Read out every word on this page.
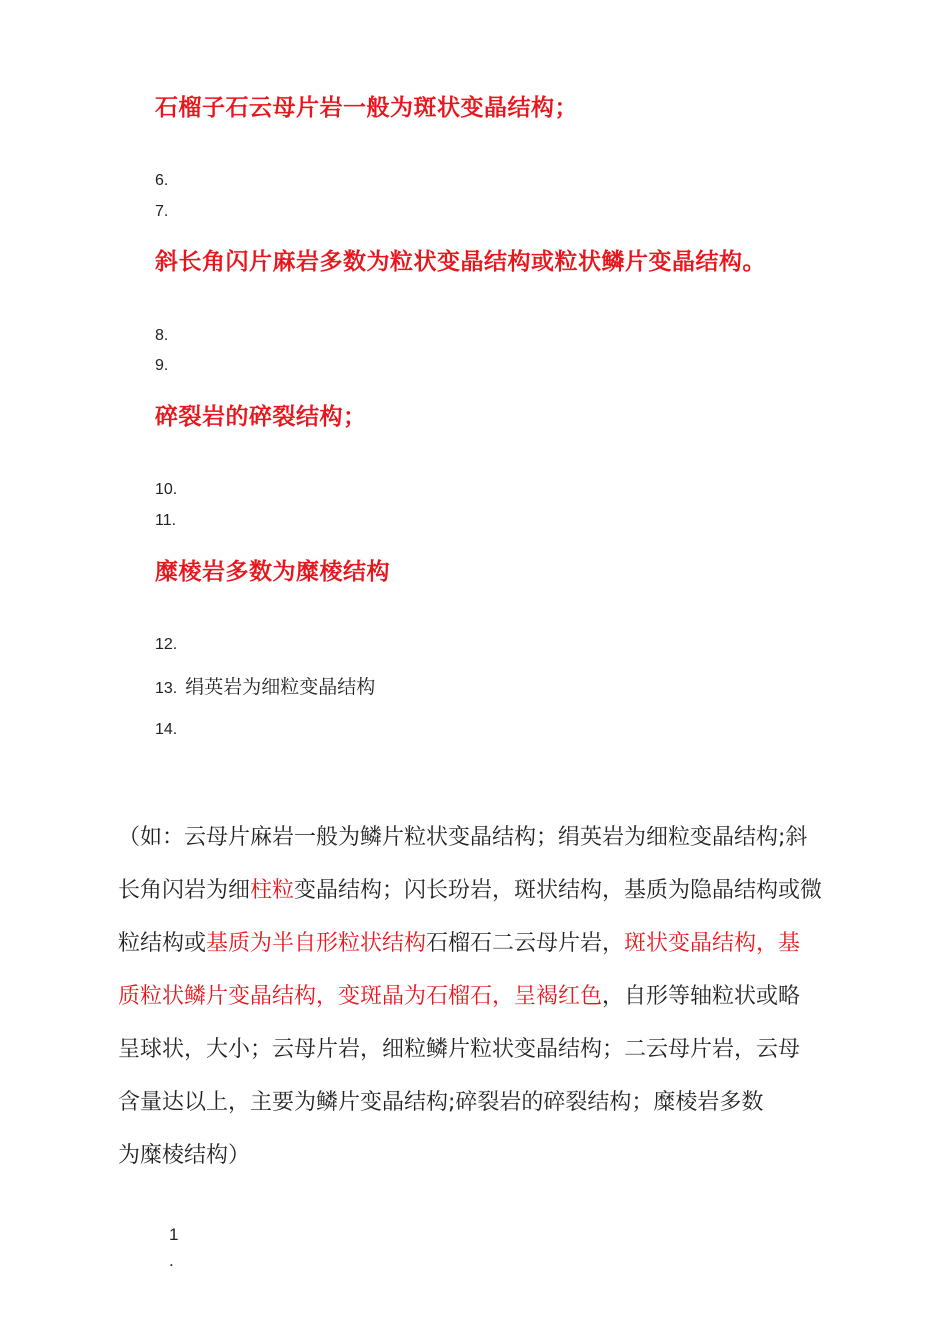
石榴子石云母片岩一般为斑状变晶结构；
6.
7.
斜长角闪片麻岩多数为粒状变晶结构或粒状鳞片变晶结构。
8.
9.
碎裂岩的碎裂结构；
10.
11.
糜棱岩多数为糜棱结构
12.
13. 绢英岩为细粒变晶结构
14.

（如：云母片麻岩一般为鳞片粒状变晶结构；绢英岩为细粒变晶结构;斜
长角闪岩为细柱粒变晶结构；闪长玢岩，斑状结构，基质为隐晶结构或微
粒结构或基质为半自形粒状结构石榴石二云母片岩，斑状变晶结构，基
质粒状鳞片变晶结构，变斑晶为石榴石，呈褐红色，自形等轴粒状或略
呈球状，大小；云母片岩，细粒鳞片粒状变晶结构；二云母片岩，云母
含量达以上，主要为鳞片变晶结构;碎裂岩的碎裂结构；糜棱岩多数
为糜棱结构）

1
.
